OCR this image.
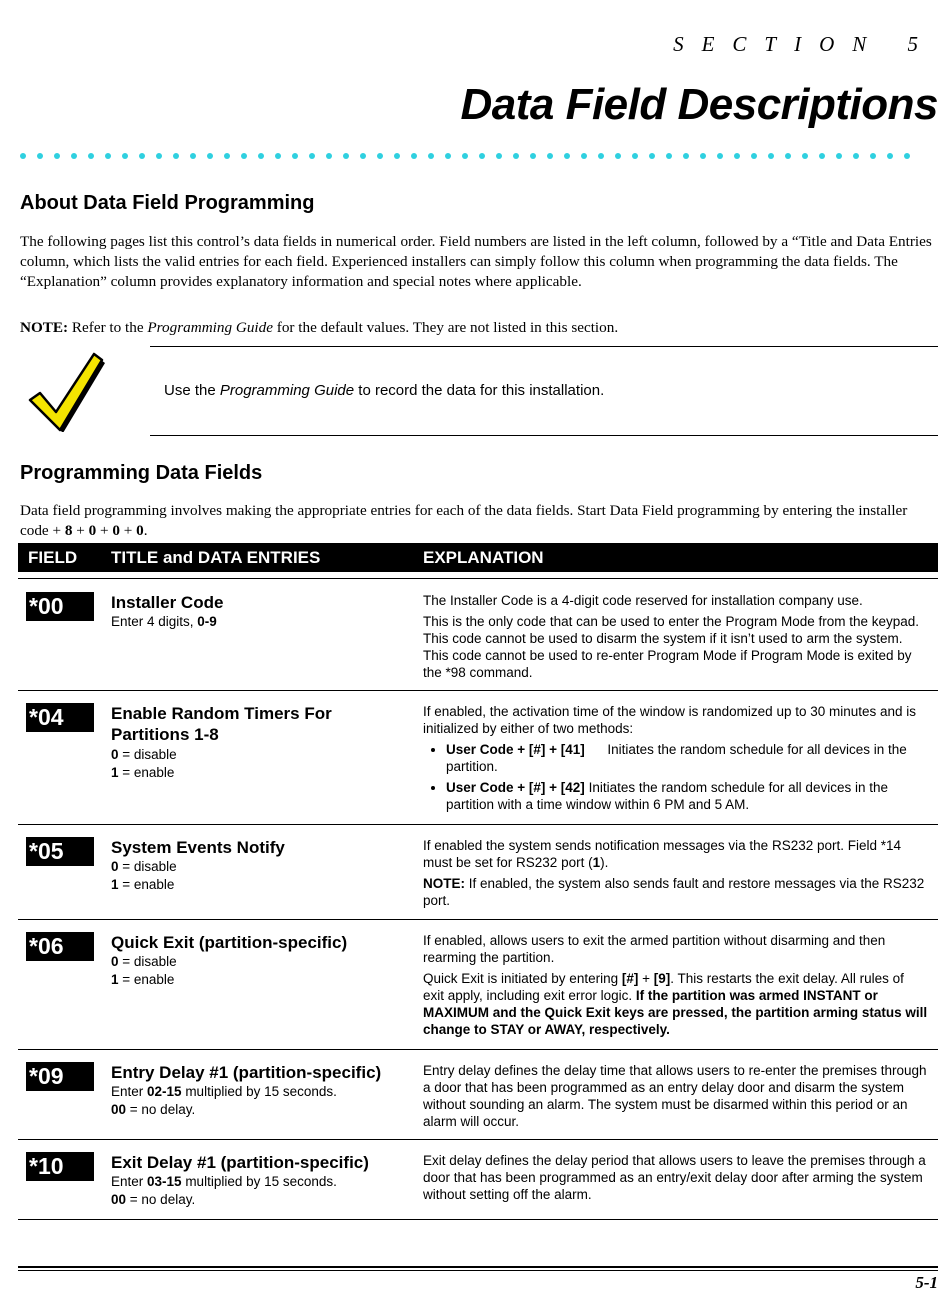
SECTION 5
Data Field Descriptions
About Data Field Programming
The following pages list this control’s data fields in numerical order. Field numbers are listed in the left column, followed by a “Title and Data Entries column, which lists the valid entries for each field. Experienced installers can simply follow this column when programming the data fields. The “Explanation” column provides explanatory information and special notes where applicable.
NOTE: Refer to the Programming Guide for the default values. They are not listed in this section.
Use the Programming Guide to record the data for this installation.
Programming Data Fields
Data field programming involves making the appropriate entries for each of the data fields. Start Data Field programming by entering the installer code + 8 + 0 + 0 + 0.
FIELD TITLE and DATA ENTRIES	EXPLANATION
*00	Installer Code
Enter 4 digits, 0-9

The Installer Code is a 4-digit code reserved for installation company use.

This is the only code that can be used to enter the Program Mode from the keypad. This code cannot be used to disarm the system if it isn’t used to arm the system. This code cannot be used to re-enter Program Mode if Program Mode is exited by the *98 command.

*04	Enable Random Timers For Partitions 1-8
0 = disable
1 = enable

If enabled, the activation time of the window is randomized up to 30 minutes and is initialized by either of two methods:

• User Code + [#] + [41] Initiates the random schedule for all devices in the partition.
• User Code + [#] + [42] Initiates the random schedule for all devices in the partition with a time window within 6 PM and 5 AM.
*05	System Events Notify
0 = disable
1 = enable

If enabled the system sends notification messages via the RS232 port. Field *14 must be set for RS232 port (1).

NOTE: If enabled, the system also sends fault and restore messages via the RS232 port.

*06	Quick Exit (partition-specific)
0 = disable
1 = enable

If enabled, allows users to exit the armed partition without disarming and then rearming the partition.

Quick Exit is initiated by entering [#] + [9]. This restarts the exit delay. All rules of exit apply, including exit error logic. If the partition was armed INSTANT or MAXIMUM and the Quick Exit keys are pressed, the partition arming status will change to STAY or AWAY, respectively.

*09	Entry Delay #1 (partition-specific)
Enter 02-15 multiplied by 15 seconds.
00 = no delay.

Entry delay defines the delay time that allows users to re-enter the premises through a door that has been programmed as an entry delay door and disarm the system without sounding an alarm. The system must be disarmed within this period or an alarm will occur.

*10	Exit Delay #1 (partition-specific)
Enter 03-15 multiplied by 15 seconds.
00 = no delay.

Exit delay defines the delay period that allows users to leave the premises through a door that has been programmed as an entry/exit delay door after arming the system without setting off the alarm.

5-1
